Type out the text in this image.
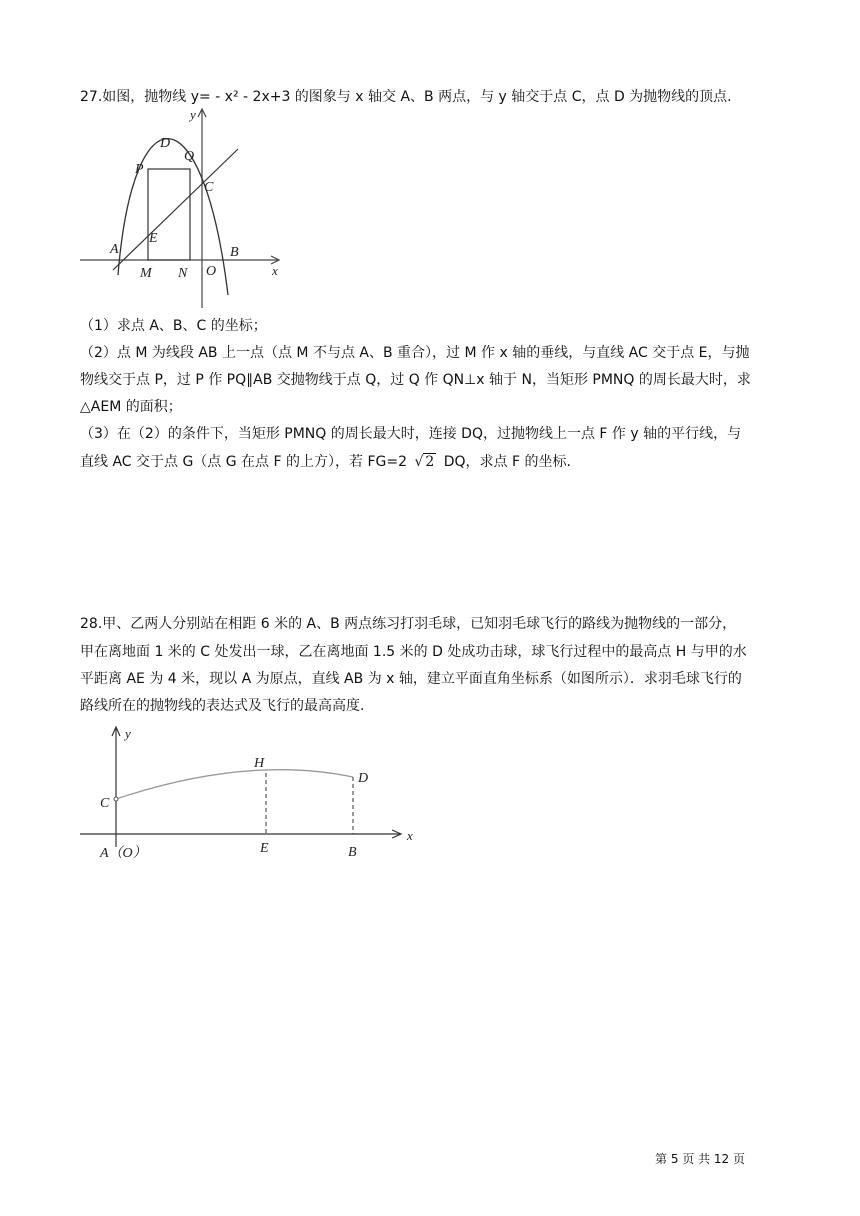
27.如图，抛物线 y= - x² - 2x+3 的图象与 x 轴交 A、B 两点，与 y 轴交于点 C，点 D 为抛物线的顶点.
y
D
Q
P
C
E
A	B
M N O	x
（1）求点 A、B、C 的坐标；
（2）点 M 为线段 AB 上一点（点 M 不与点 A、B 重合），过 M 作 x 轴的垂线，与直线 AC 交于点 E，与抛
物线交于点 P，过 P 作 PQ∥AB 交抛物线于点 Q，过 Q 作 QN⊥x 轴于 N，当矩形 PMNQ 的周长最大时，求
△AEM 的面积；
（3）在（2）的条件下，当矩形 PMNQ 的周长最大时，连接 DQ，过抛物线上一点 F 作 y 轴的平行线，与
直线 AC 交于点 G（点 G 在点 F 的上方），若 FG=2 √ 2 DQ，求点 F 的坐标.
28.甲、乙两人分别站在相距 6 米的 A、B 两点练习打羽毛球，已知羽毛球飞行的路线为抛物线的一部分，
甲在离地面 1 米的 C 处发出一球，乙在离地面 1.5 米的 D 处成功击球，球飞行过程中的最高点 H 与甲的水
平距离 AE 为 4 米，现以 A 为原点，直线 AB 为 x 轴，建立平面直角坐标系（如图所示）．求羽毛球飞行的
路线所在的抛物线的表达式及飞行的最高高度.
y
H
D
C
A（O）	E	B
x
第 5 页 共 12 页
